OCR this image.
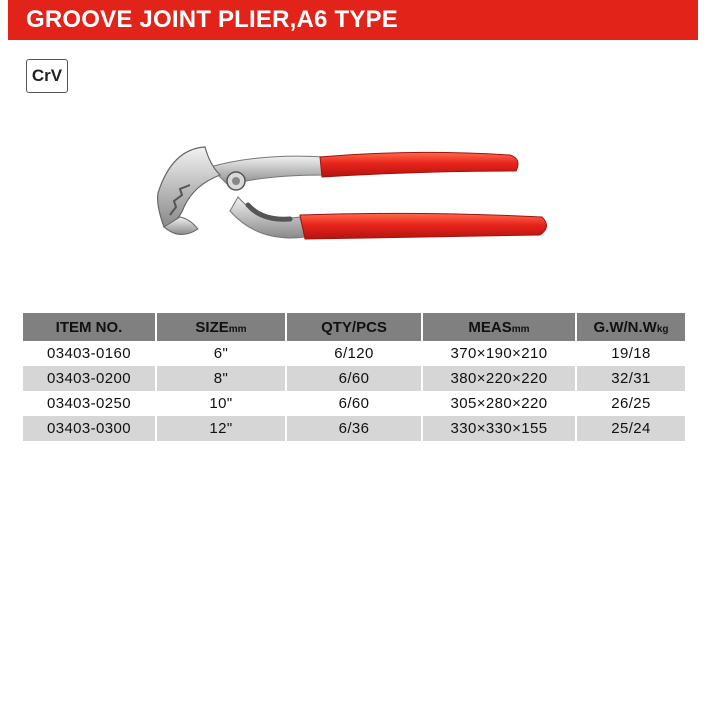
GROOVE JOINT PLIER,A6 TYPE
CrV
ITEM NO.	SIZEmm	QTY/PCS	MEASmm	G.W/N.Wkg
03403-0160	6"	6/120	370×190×210	19/18
03403-0200	8"	6/60	380×220×220	32/31
03403-0250	10"	6/60	305×280×220	26/25
03403-0300	12"	6/36	330×330×155	25/24
